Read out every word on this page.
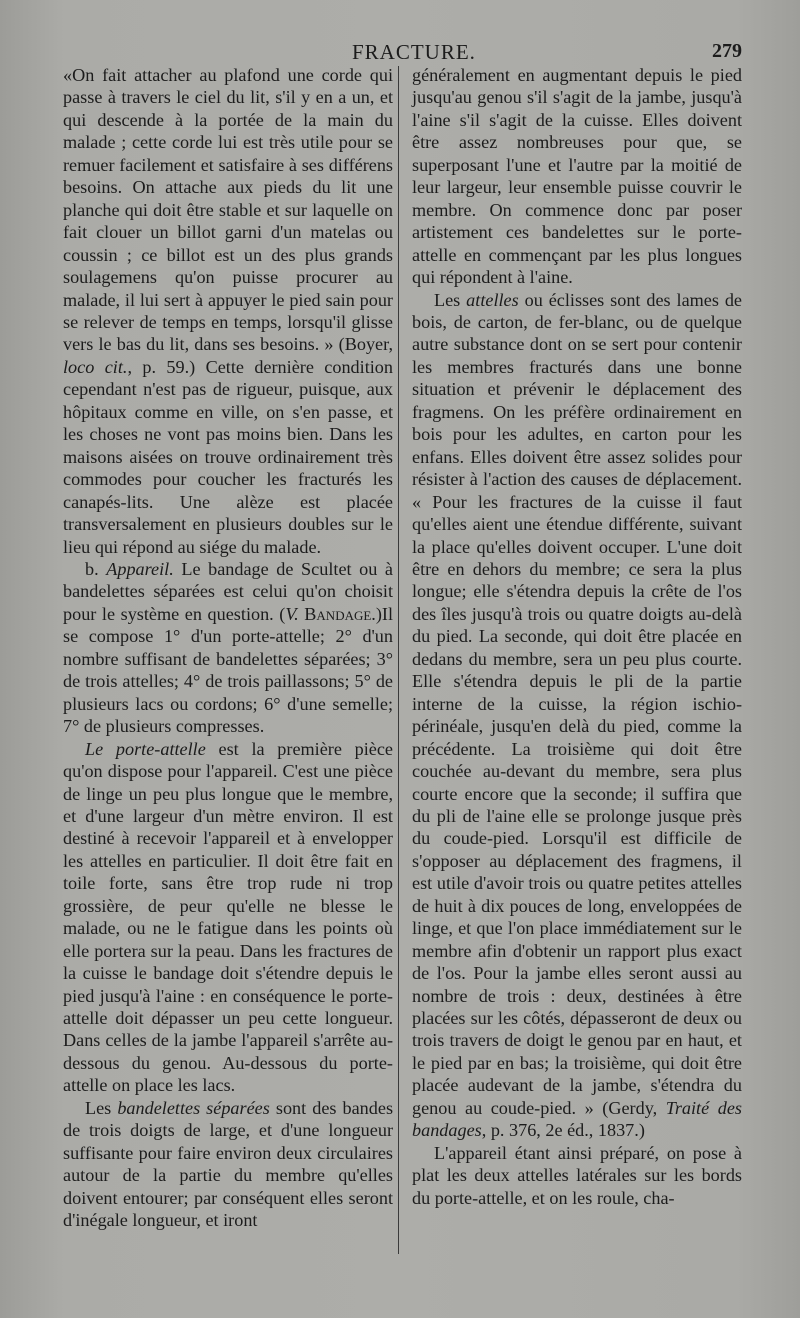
FRACTURE.	279

«On fait attacher au plafond une corde qui passe à travers le ciel du lit, s'il y en a un, et qui descende à la portée de la main du malade ; cette corde lui est très utile pour se remuer facilement et satisfaire à ses différens besoins. On attache aux pieds du lit une planche qui doit être stable et sur laquelle on fait clouer un billot garni d'un matelas ou coussin ; ce billot est un des plus grands soulagemens qu'on puisse procurer au malade, il lui sert à appuyer le pied sain pour se relever de temps en temps, lorsqu'il glisse vers le bas du lit, dans ses besoins. » (Boyer, loco cit., p. 59.) Cette dernière condition cependant n'est pas de rigueur, puisque, aux hôpitaux comme en ville, on s'en passe, et les choses ne vont pas moins bien. Dans les maisons aisées on trouve ordinairement très commodes pour coucher les fracturés les canapés-lits. Une alèze est placée transversalement en plusieurs doubles sur le lieu qui répond au siége du malade.

b. Appareil. Le bandage de Scultet ou à bandelettes séparées est celui qu'on choisit pour le système en question. (V. Bandage.)Il se compose 1° d'un porte-attelle; 2° d'un nombre suffisant de bandelettes séparées; 3° de trois attelles; 4° de trois paillassons; 5° de plusieurs lacs ou cordons; 6° d'une semelle; 7° de plusieurs compresses.

Le porte-attelle est la première pièce qu'on dispose pour l'appareil. C'est une pièce de linge un peu plus longue que le membre, et d'une largeur d'un mètre environ. Il est destiné à recevoir l'appareil et à envelopper les attelles en particulier. Il doit être fait en toile forte, sans être trop rude ni trop grossière, de peur qu'elle ne blesse le malade, ou ne le fatigue dans les points où elle portera sur la peau. Dans les fractures de la cuisse le bandage doit s'étendre depuis le pied jusqu'à l'aine : en conséquence le porte-attelle doit dépasser un peu cette longueur. Dans celles de la jambe l'appareil s'arrête au-dessous du genou. Au-dessous du porte-attelle on place les lacs.

Les bandelettes séparées sont des bandes de trois doigts de large, et d'une longueur suffisante pour faire environ deux circulaires autour de la partie du membre qu'elles doivent entourer; par conséquent elles seront d'inégale longueur, et iront

généralement en augmentant depuis le pied jusqu'au genou s'il s'agit de la jambe, jusqu'à l'aine s'il s'agit de la cuisse. Elles doivent être assez nombreuses pour que, se superposant l'une et l'autre par la moitié de leur largeur, leur ensemble puisse couvrir le membre. On commence donc par poser artistement ces bandelettes sur le porte-attelle en commençant par les plus longues qui répondent à l'aine.

Les attelles ou éclisses sont des lames de bois, de carton, de fer-blanc, ou de quelque autre substance dont on se sert pour contenir les membres fracturés dans une bonne situation et prévenir le déplacement des fragmens. On les préfère ordinairement en bois pour les adultes, en carton pour les enfans. Elles doivent être assez solides pour résister à l'action des causes de déplacement. « Pour les fractures de la cuisse il faut qu'elles aient une étendue différente, suivant la place qu'elles doivent occuper. L'une doit être en dehors du membre; ce sera la plus longue; elle s'étendra depuis la crête de l'os des îles jusqu'à trois ou quatre doigts au-delà du pied. La seconde, qui doit être placée en dedans du membre, sera un peu plus courte. Elle s'étendra depuis le pli de la partie interne de la cuisse, la région ischio-périnéale, jusqu'en delà du pied, comme la précédente. La troisième qui doit être couchée au-devant du membre, sera plus courte encore que la seconde; il suffira que du pli de l'aine elle se prolonge jusque près du coude-pied. Lorsqu'il est difficile de s'opposer au déplacement des fragmens, il est utile d'avoir trois ou quatre petites attelles de huit à dix pouces de long, enveloppées de linge, et que l'on place immédiatement sur le membre afin d'obtenir un rapport plus exact de l'os. Pour la jambe elles seront aussi au nombre de trois : deux, destinées à être placées sur les côtés, dépasseront de deux ou trois travers de doigt le genou par en haut, et le pied par en bas; la troisième, qui doit être placée audevant de la jambe, s'étendra du genou au coude-pied. » (Gerdy, Traité des bandages, p. 376, 2e éd., 1837.)

L'appareil étant ainsi préparé, on pose à plat les deux attelles latérales sur les bords du porte-attelle, et on les roule, cha-
